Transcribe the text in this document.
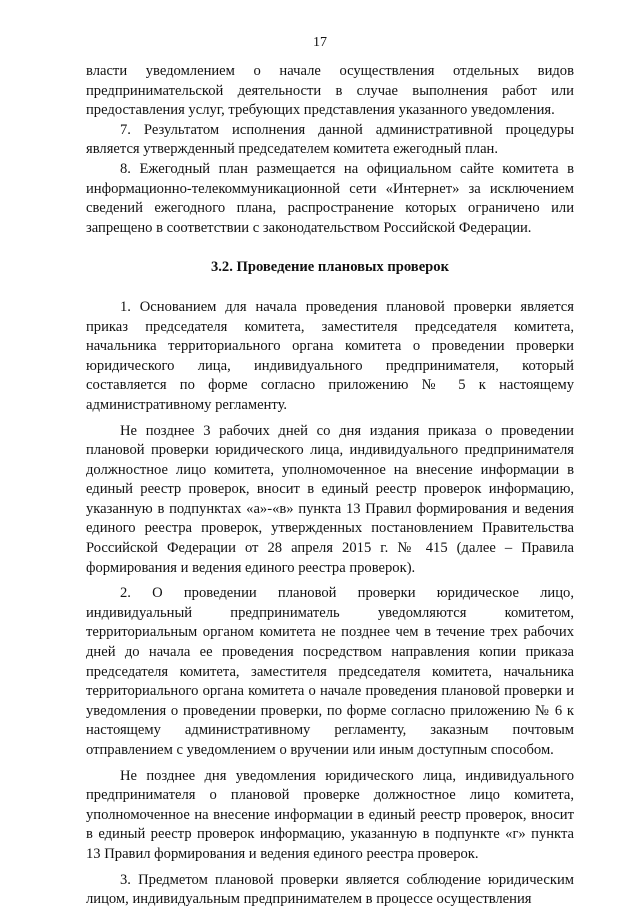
17

власти уведомлением о начале осуществления отдельных видов предпринимательской деятельности в случае выполнения работ или предоставления услуг, требующих представления указанного уведомления.

7. Результатом исполнения данной административной процедуры является утвержденный председателем комитета ежегодный план.

8. Ежегодный план размещается на официальном сайте комитета в информационно-телекоммуникационной сети «Интернет» за исключением сведений ежегодного плана, распространение которых ограничено или запрещено в соответствии с законодательством Российской Федерации.

3.2. Проведение плановых проверок

1. Основанием для начала проведения плановой проверки является приказ председателя комитета, заместителя председателя комитета, начальника территориального органа комитета о проведении проверки юридического лица, индивидуального предпринимателя, который составляется по форме согласно приложению № 5 к настоящему административному регламенту.

Не позднее 3 рабочих дней со дня издания приказа о проведении плановой проверки юридического лица, индивидуального предпринимателя должностное лицо комитета, уполномоченное на внесение информации в единый реестр проверок, вносит в единый реестр проверок информацию, указанную в подпунктах «а»-«в» пункта 13 Правил формирования и ведения единого реестра проверок, утвержденных постановлением Правительства Российской Федерации от 28 апреля 2015 г. № 415 (далее – Правила формирования и ведения единого реестра проверок).

2. О проведении плановой проверки юридическое лицо, индивидуальный предприниматель уведомляются комитетом, территориальным органом комитета не позднее чем в течение трех рабочих дней до начала ее проведения посредством направления копии приказа председателя комитета, заместителя председателя комитета, начальника территориального органа комитета о начале проведения плановой проверки и уведомления о проведении проверки, по форме согласно приложению № 6 к настоящему административному регламенту, заказным почтовым отправлением с уведомлением о вручении или иным доступным способом.

Не позднее дня уведомления юридического лица, индивидуального предпринимателя о плановой проверке должностное лицо комитета, уполномоченное на внесение информации в единый реестр проверок, вносит в единый реестр проверок информацию, указанную в подпункте «г» пункта 13 Правил формирования и ведения единого реестра проверок.

3. Предметом плановой проверки является соблюдение юридическим лицом, индивидуальным предпринимателем в процессе осуществления
